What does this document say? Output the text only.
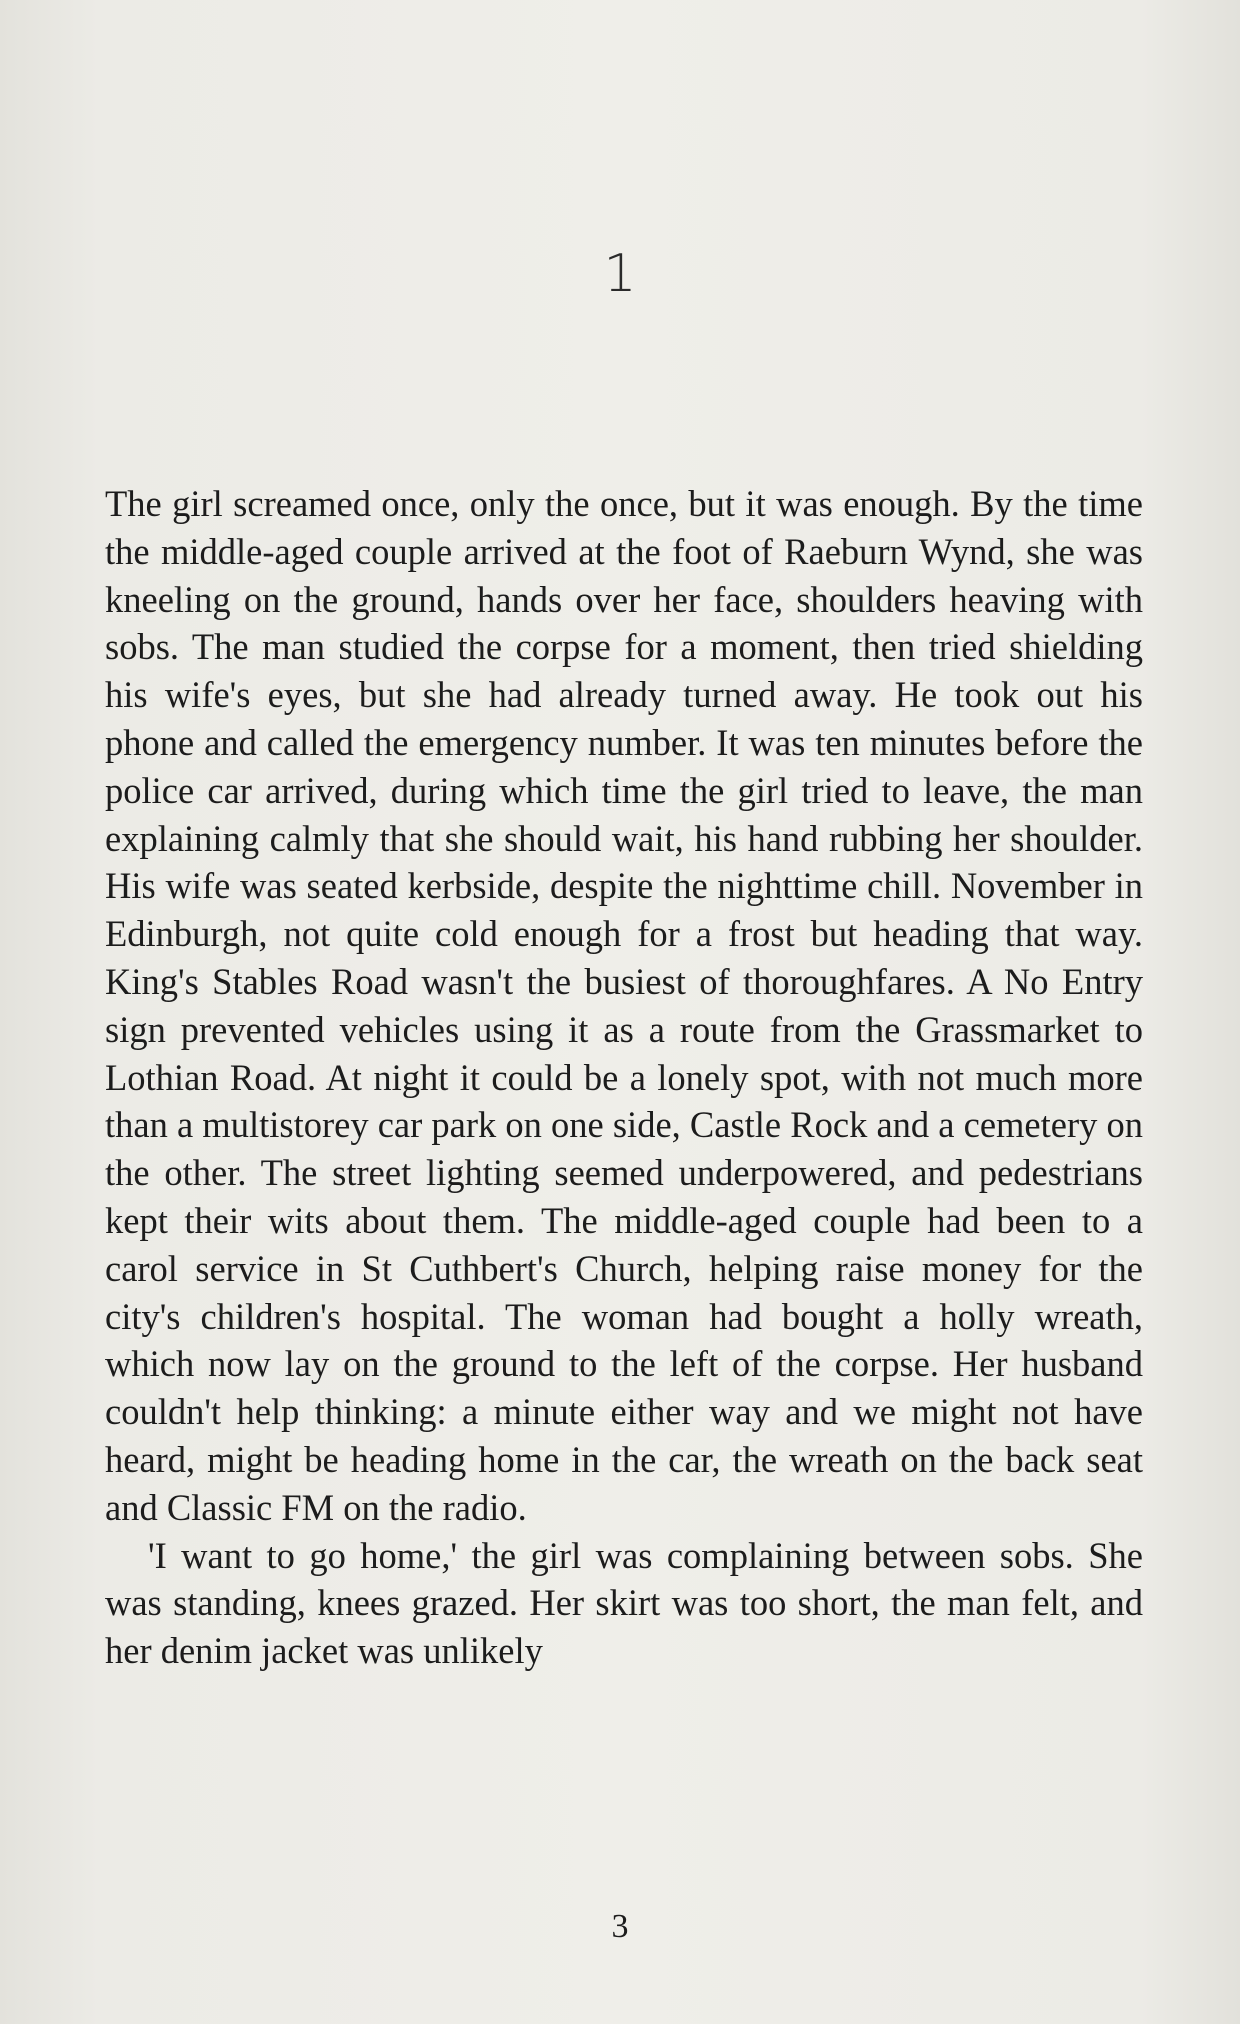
1

The girl screamed once, only the once, but it was enough. By the time the middle-aged couple arrived at the foot of Raeburn Wynd, she was kneeling on the ground, hands over her face, shoulders heaving with sobs. The man studied the corpse for a moment, then tried shielding his wife's eyes, but she had already turned away. He took out his phone and called the emergency number. It was ten minutes before the police car arrived, during which time the girl tried to leave, the man explaining calmly that she should wait, his hand rubbing her shoulder. His wife was seated kerbside, despite the nighttime chill. November in Edinburgh, not quite cold enough for a frost but heading that way. King's Stables Road wasn't the busiest of thoroughfares. A No Entry sign prevented vehicles using it as a route from the Grassmarket to Lothian Road. At night it could be a lonely spot, with not much more than a multistorey car park on one side, Castle Rock and a cemetery on the other. The street lighting seemed underpowered, and pedestrians kept their wits about them. The middle-aged couple had been to a carol service in St Cuthbert's Church, helping raise money for the city's children's hospital. The woman had bought a holly wreath, which now lay on the ground to the left of the corpse. Her husband couldn't help thinking: a minute either way and we might not have heard, might be heading home in the car, the wreath on the back seat and Classic FM on the radio.

'I want to go home,' the girl was complaining between sobs. She was standing, knees grazed. Her skirt was too short, the man felt, and her denim jacket was unlikely

3
